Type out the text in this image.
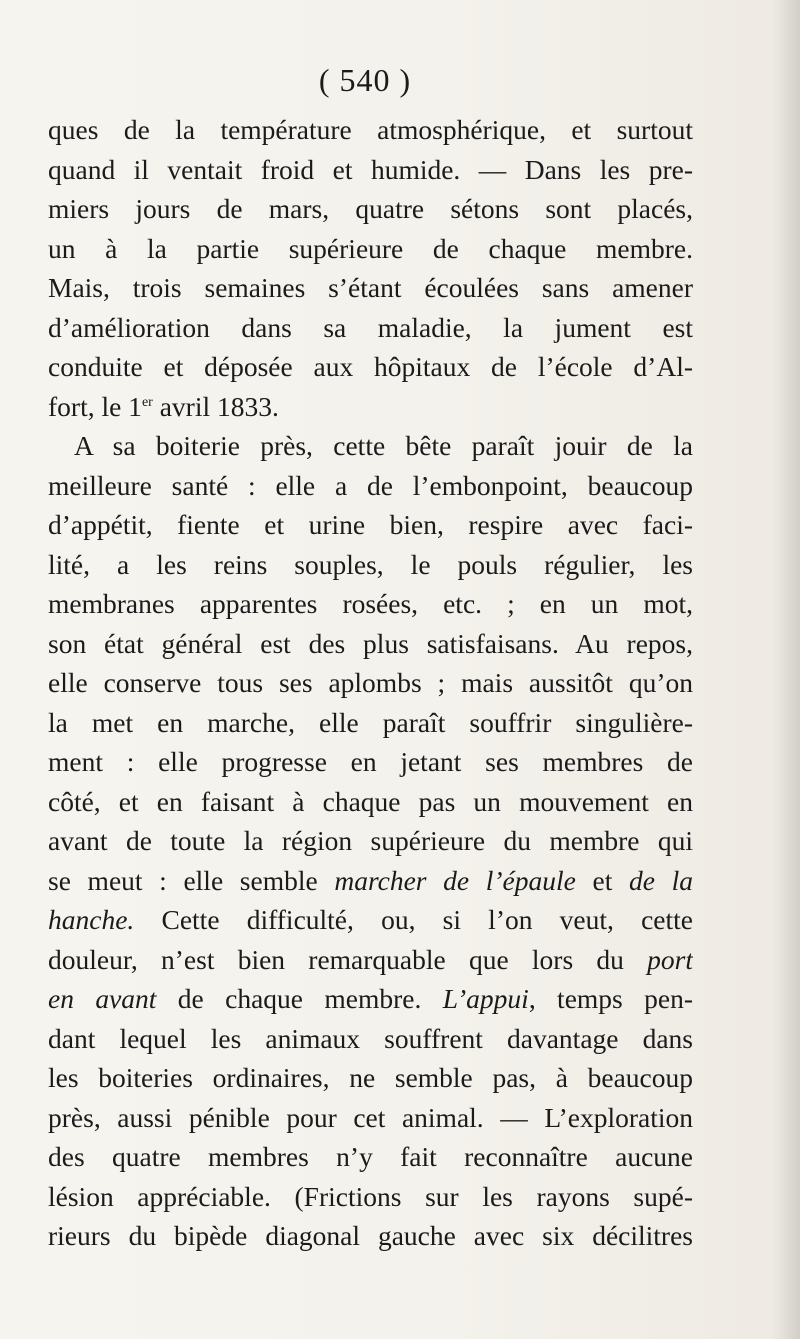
( 540 )
ques de la température atmosphérique, et surtout
quand il ventait froid et humide. — Dans les pre-
miers jours de mars, quatre sétons sont placés,
un à la partie supérieure de chaque membre.
Mais, trois semaines s’étant écoulées sans amener
d’amélioration dans sa maladie, la jument est
conduite et déposée aux hôpitaux de l’école d’Al-
fort, le 1er avril 1833.
A sa boiterie près, cette bête paraît jouir de la
meilleure santé : elle a de l’embonpoint, beaucoup
d’appétit, fiente et urine bien, respire avec faci-
lité, a les reins souples, le pouls régulier, les
membranes apparentes rosées, etc. ; en un mot,
son état général est des plus satisfaisans. Au repos,
elle conserve tous ses aplombs ; mais aussitôt qu’on
la met en marche, elle paraît souffrir singulière-
ment : elle progresse en jetant ses membres de
côté, et en faisant à chaque pas un mouvement en
avant de toute la région supérieure du membre qui
se meut : elle semble marcher de l’épaule et de la
hanche. Cette difficulté, ou, si l’on veut, cette
douleur, n’est bien remarquable que lors du port
en avant de chaque membre. L’appui, temps pen-
dant lequel les animaux souffrent davantage dans
les boiteries ordinaires, ne semble pas, à beaucoup
près, aussi pénible pour cet animal. — L’exploration
des quatre membres n’y fait reconnaître aucune
lésion appréciable. (Frictions sur les rayons supé-
rieurs du bipède diagonal gauche avec six décilitres
